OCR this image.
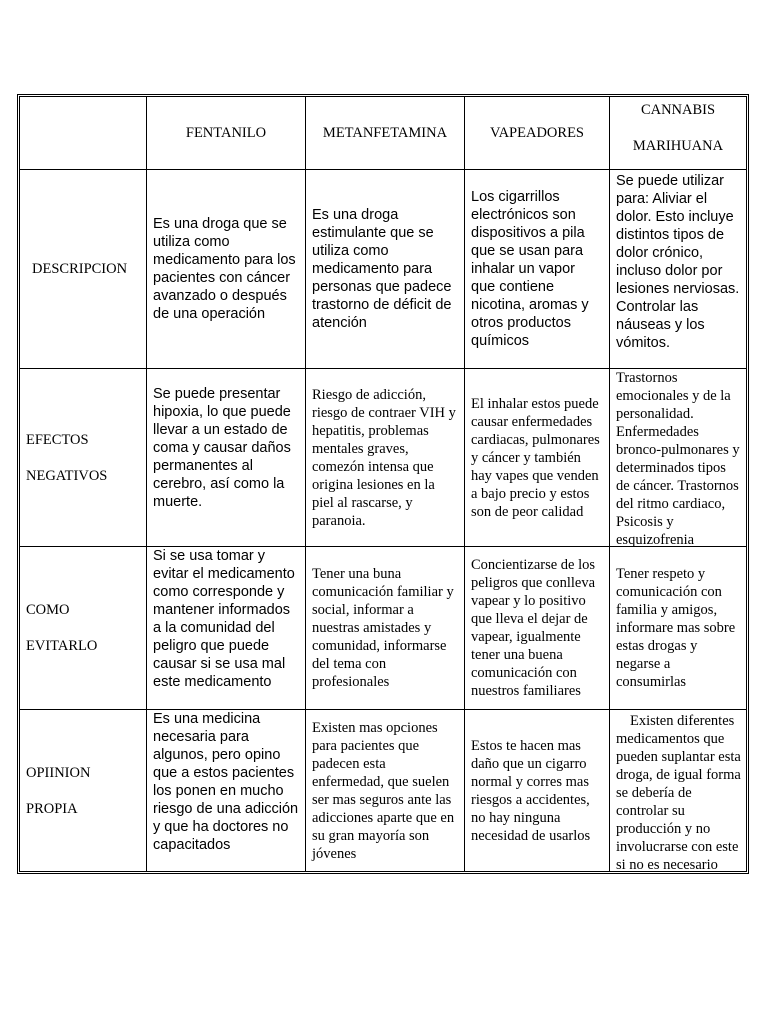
FENTANILO	METANFETAMINA	VAPEADORES
CANNABIS
MARIHUANA
DESCRIPCION
EFECTOS
NEGATIVOS
COMO
EVITARLO
OPIINION
PROPIA
Es una droga que se utiliza como medicamento para los pacientes con cáncer avanzado o después de una operación
Es una droga estimulante que se utiliza como medicamento para personas que padece trastorno de déficit de atención
Los cigarrillos electrónicos son dispositivos a pila que se usan para inhalar un vapor que contiene nicotina, aromas y otros productos químicos
Se puede utilizar para: Aliviar el dolor. Esto incluye distintos tipos de dolor crónico, incluso dolor por lesiones nerviosas. Controlar las náuseas y los vómitos.
Se puede presentar hipoxia, lo que puede llevar a un estado de coma y causar daños permanentes al cerebro, así como la muerte.
Riesgo de adicción, riesgo de contraer VIH y hepatitis, problemas mentales graves, comezón intensa que origina lesiones en la piel al rascarse, y paranoia.
El inhalar estos puede causar enfermedades cardiacas, pulmonares y cáncer y también hay vapes que venden a bajo precio y estos son de peor calidad
Trastornos emocionales y de la personalidad. Enfermedades bronco-pulmonares y determinados tipos de cáncer. Trastornos del ritmo cardiaco, Psicosis y esquizofrenia
Si se usa tomar y evitar el medicamento como corresponde y mantener informados a la comunidad del peligro que puede causar si se usa mal este medicamento
Tener una buna comunicación familiar y social, informar a nuestras amistades y comunidad, informarse del tema con profesionales
Concientizarse de los peligros que conlleva vapear y lo positivo que lleva el dejar de vapear, igualmente tener una buena comunicación con nuestros familiares
Tener respeto y comunicación con familia y amigos, informare mas sobre estas drogas y negarse a consumirlas
Es una medicina necesaria para algunos, pero opino que a estos pacientes los ponen en mucho riesgo de una adicción y que ha doctores no capacitados
Existen mas opciones para pacientes que padecen esta enfermedad, que suelen ser mas seguros ante las adicciones aparte que en su gran mayoría son jóvenes
Estos te hacen mas daño que un cigarro normal y corres mas riesgos a accidentes, no hay ninguna necesidad de usarlos
Existen diferentes medicamentos que pueden suplantar esta droga, de igual forma se debería de controlar su producción y no involucrarse con este si no es necesario
